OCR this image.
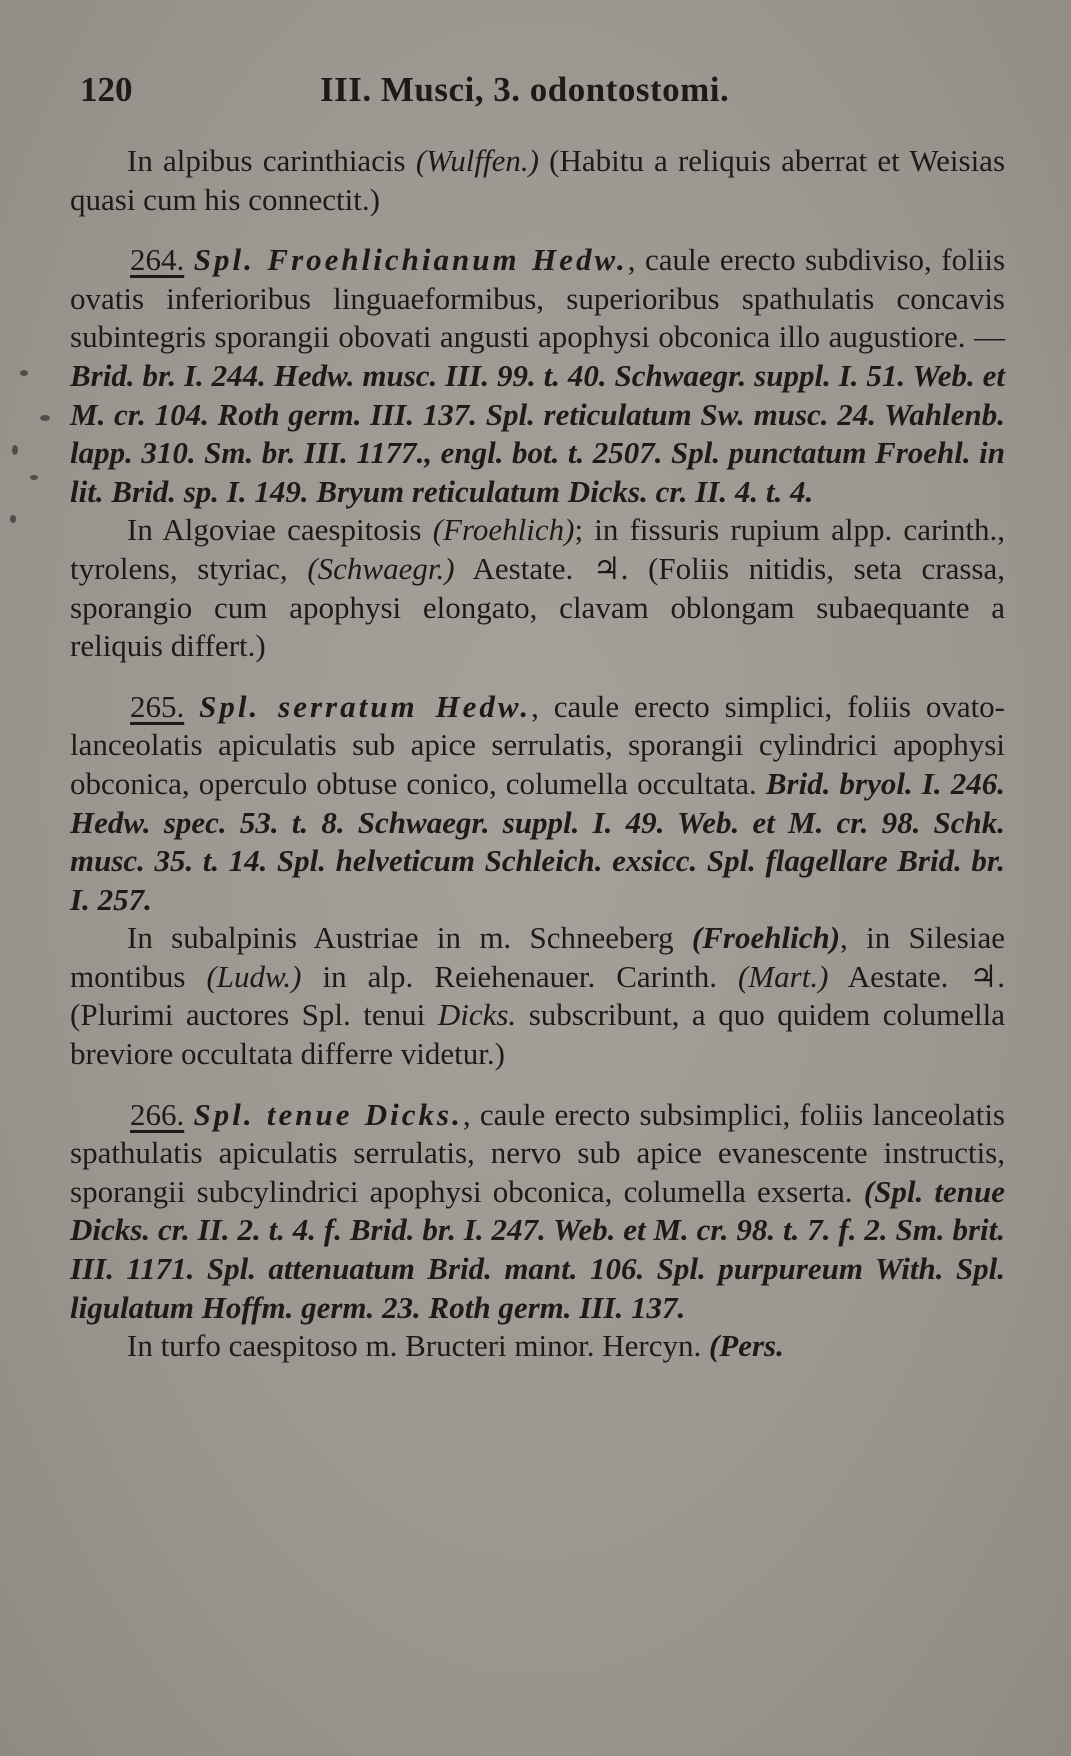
120	III. Musci, 3. odontostomi.

In alpibus carinthiacis (Wulffen.) (Habitu a reliquis aberrat et Weisias quasi cum his connectit.)

264. Spl. Froehlichianum Hedw., caule erecto subdiviso, foliis ovatis inferioribus linguaeformibus, superioribus spathulatis concavis subintegris sporangii obovati angusti apophysi obconica illo augustiore. — Brid. br. I. 244. Hedw. musc. III. 99. t. 40. Schwaegr. suppl. I. 51. Web. et M. cr. 104. Roth germ. III. 137. Spl. reticulatum Sw. musc. 24. Wahlenb. lapp. 310. Sm. br. III. 1177., engl. bot. t. 2507. Spl. punctatum Froehl. in lit. Brid. sp. I. 149. Bryum reticulatum Dicks. cr. II. 4. t. 4.

In Algoviae caespitosis (Froehlich); in fissuris rupium alpp. carinth., tyrolens, styriac, (Schwaegr.) Aestate. ♃. (Foliis nitidis, seta crassa, sporangio cum apophysi elongato, clavam oblongam subaequante a reliquis differt.)

265. Spl. serratum Hedw., caule erecto simplici, foliis ovato-lanceolatis apiculatis sub apice serrulatis, sporangii cylindrici apophysi obconica, operculo obtuse conico, columella occultata. Brid. bryol. I. 246. Hedw. spec. 53. t. 8. Schwaegr. suppl. I. 49. Web. et M. cr. 98. Schk. musc. 35. t. 14. Spl. helveticum Schleich. exsicc. Spl. flagellare Brid. br. I. 257.

In subalpinis Austriae in m. Schneeberg (Froehlich), in Silesiae montibus (Ludw.) in alp. Reiehenauer. Carinth. (Mart.) Aestate. ♃. (Plurimi auctores Spl. tenui Dicks. subscribunt, a quo quidem columella breviore occultata differre videtur.)

266. Spl. tenue Dicks., caule erecto subsimplici, foliis lanceolatis spathulatis apiculatis serrulatis, nervo sub apice evanescente instructis, sporangii subcylindrici apophysi obconica, columella exserta. (Spl. tenue Dicks. cr. II. 2. t. 4. f. Brid. br. I. 247. Web. et M. cr. 98. t. 7. f. 2. Sm. brit. III. 1171. Spl. attenuatum Brid. mant. 106. Spl. purpureum With. Spl. ligulatum Hoffm. germ. 23. Roth germ. III. 137.

In turfo caespitoso m. Bructeri minor. Hercyn. (Pers.
